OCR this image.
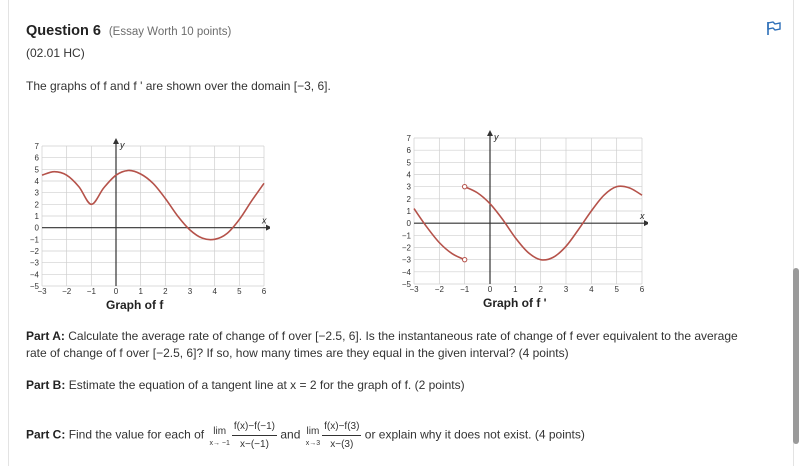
Question 6 (Essay Worth 10 points)
(02.01 HC)
The graphs of f and f ' are shown over the domain [−3, 6].
x
y
−3 −2 −1 0	1	2	3	4	5	6
7
6
5
4
3
2
1
0
−1
−2
−3
−4
−5
x
y
−3 −2 −1 0	1	2	3	4	5	6
7
6
5
4
3
2
1
0
−1
−2
−3
−4
−5
Graph of f	Graph of f '
Part A: Calculate the average rate of change of f over [−2.5, 6]. Is the instantaneous rate of change of f ever equivalent to the average rate of change of f over [−2.5, 6]? If so, how many times are they equal in the given interval? (4 points)
Part B: Estimate the equation of a tangent line at x = 2 for the graph of f. (2 points)
Part C: Find the value for each of lim
$x\to -1 \frac{f(x)-f(-1)}{x-(-1)}$ and lim
$x\to 3 \frac{f(x)-f(3)}{x-(3)}$ or explain why it does not exist. (4 points)
